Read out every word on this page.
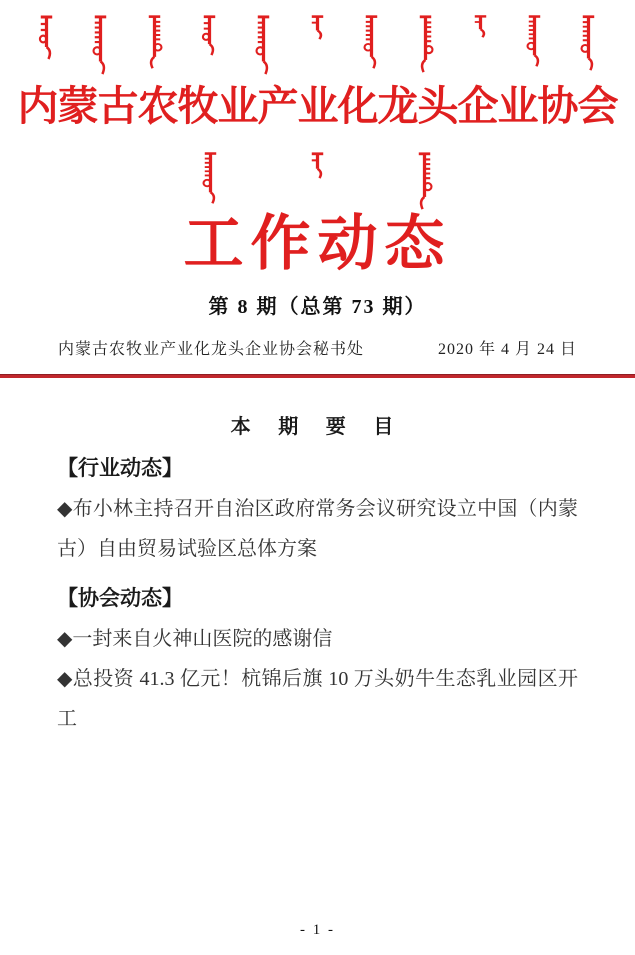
内蒙古农牧业产业化龙头企业协会
工作动态
第 8 期（总第 73 期）
内蒙古农牧业产业化龙头企业协会秘书处	2020 年 4 月 24 日
本 期 要 目
【行业动态】

◆布小林主持召开自治区政府常务会议研究设立中国（内蒙古）自由贸易试验区总体方案

【协会动态】

◆一封来自火神山医院的感谢信

◆总投资 41.3 亿元！杭锦后旗 10 万头奶牛生态乳业园区开工

- 1 -
